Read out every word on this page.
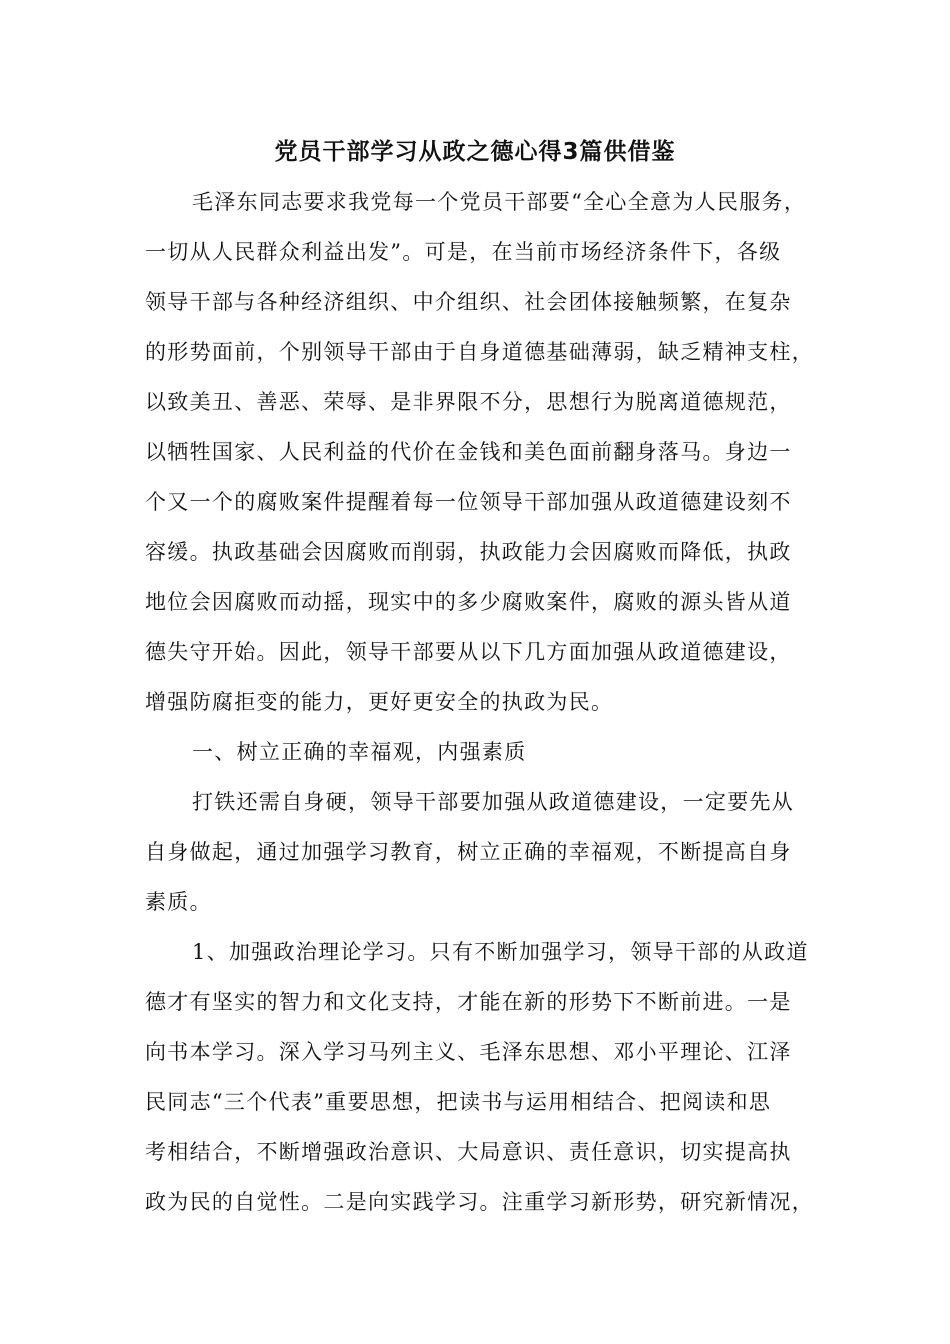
党员干部学习从政之德心得3篇供借鉴
毛泽东同志要求我党每一个党员干部要“全心全意为人民服务，
一切从人民群众利益出发”。可是，在当前市场经济条件下，各级
领导干部与各种经济组织、中介组织、社会团体接触频繁，在复杂
的形势面前，个别领导干部由于自身道德基础薄弱，缺乏精神支柱，
以致美丑、善恶、荣辱、是非界限不分，思想行为脱离道德规范，
以牺牲国家、人民利益的代价在金钱和美色面前翻身落马。身边一
个又一个的腐败案件提醒着每一位领导干部加强从政道德建设刻不
容缓。执政基础会因腐败而削弱，执政能力会因腐败而降低，执政
地位会因腐败而动摇，现实中的多少腐败案件，腐败的源头皆从道
德失守开始。因此，领导干部要从以下几方面加强从政道德建设，
增强防腐拒变的能力，更好更安全的执政为民。
一、树立正确的幸福观，内强素质
打铁还需自身硬，领导干部要加强从政道德建设，一定要先从
自身做起，通过加强学习教育，树立正确的幸福观，不断提高自身
素质。
1、加强政治理论学习。只有不断加强学习，领导干部的从政道
德才有坚实的智力和文化支持，才能在新的形势下不断前进。一是
向书本学习。深入学习马列主义、毛泽东思想、邓小平理论、江泽
民同志“三个代表”重要思想，把读书与运用相结合、把阅读和思
考相结合，不断增强政治意识、大局意识、责任意识，切实提高执
政为民的自觉性。二是向实践学习。注重学习新形势，研究新情况，
